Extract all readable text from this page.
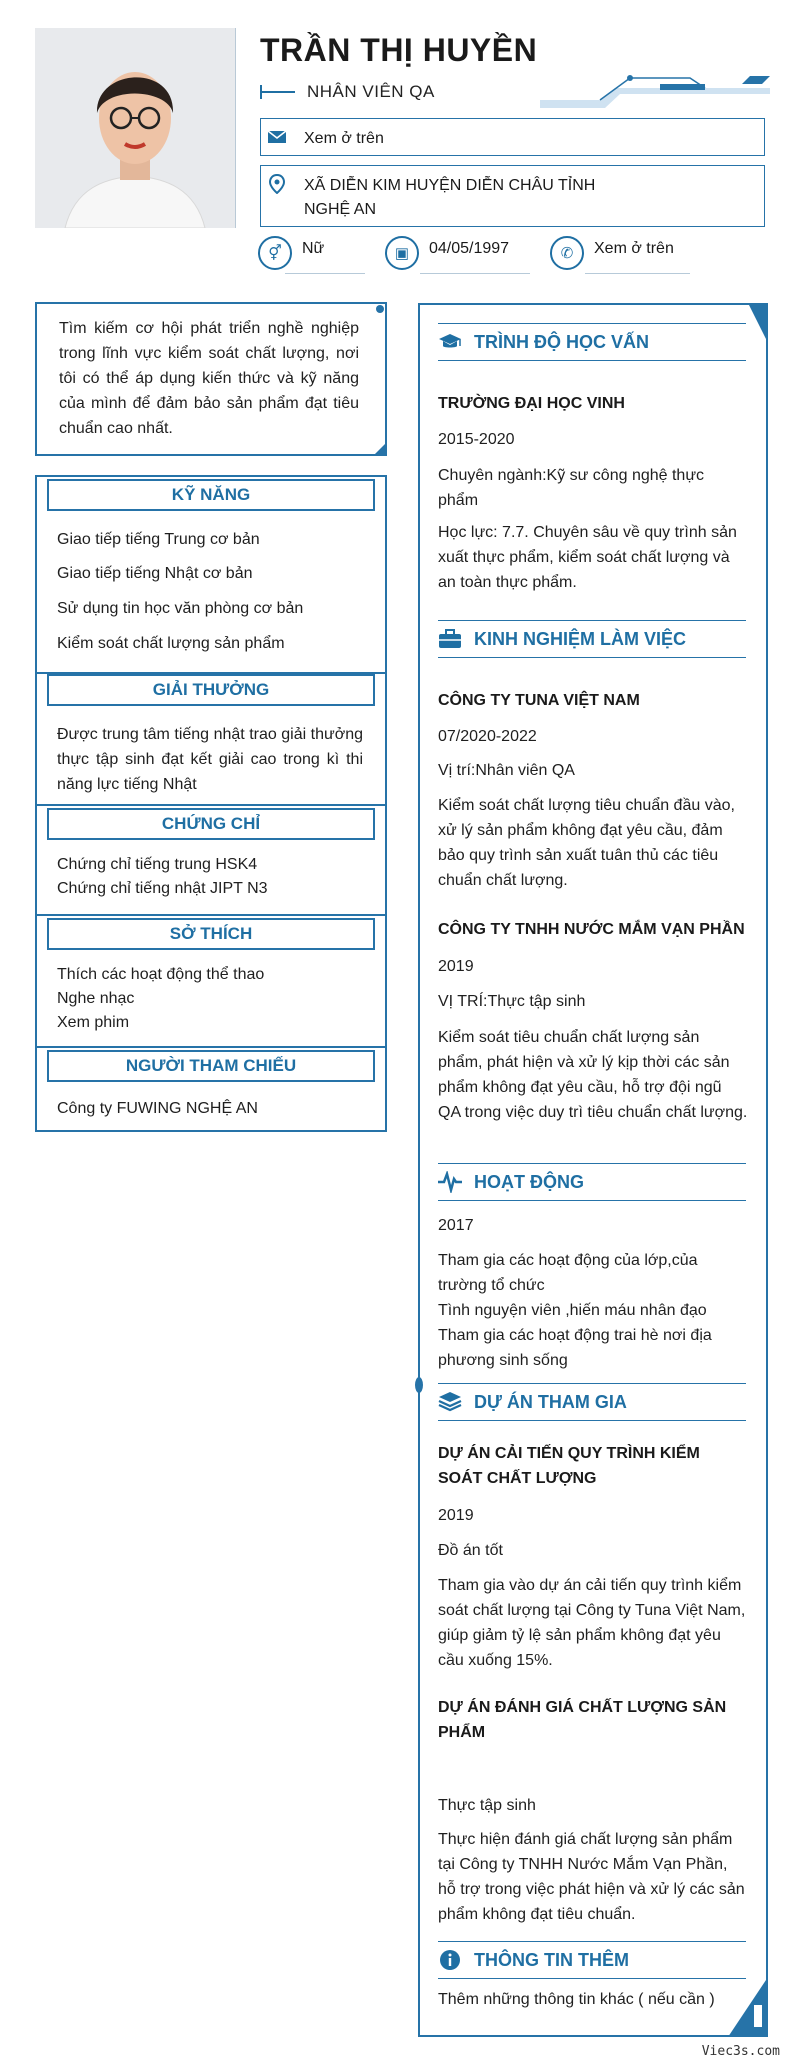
TRẦN THỊ HUYỀN
NHÂN VIÊN QA
Xem ở trên
XÃ DIỄN KIM HUYỆN DIỄN CHÂU TỈNH
NGHỆ AN
⚥	Nữ	▣	04/05/1997	✆	Xem ở trên

Tìm kiếm cơ hội phát triển nghề nghiệp trong lĩnh vực kiểm soát chất lượng, nơi tôi có thể áp dụng kiến thức và kỹ năng của mình để đảm bảo sản phẩm đạt tiêu chuẩn cao nhất.

KỸ NĂNG
Giao tiếp tiếng Trung cơ bản
Giao tiếp tiếng Nhật cơ bản
Sử dụng tin học văn phòng cơ bản
Kiểm soát chất lượng sản phẩm
GIẢI THƯỞNG
Được trung tâm tiếng nhật trao giải thưởng thực tập sinh đạt kết giải cao trong kì thi năng lực tiếng Nhật
CHỨNG CHỈ
Chứng chỉ tiếng trung HSK4
Chứng chỉ tiếng nhật JIPT N3
SỞ THÍCH
Thích các hoạt động thể thao
Nghe nhạc
Xem phim
NGƯỜI THAM CHIẾU
Công ty FUWING NGHỆ AN
TRÌNH ĐỘ HỌC VẤN
TRƯỜNG ĐẠI HỌC VINH
2015-2020
Chuyên ngành:Kỹ sư công nghệ thực phẩm
Học lực: 7.7. Chuyên sâu về quy trình sản xuất thực phẩm, kiểm soát chất lượng và an toàn thực phẩm.
KINH NGHIỆM LÀM VIỆC
CÔNG TY TUNA VIỆT NAM
07/2020-2022
Vị trí:Nhân viên QA
Kiểm soát chất lượng tiêu chuẩn đầu vào, xử lý sản phẩm không đạt yêu cầu, đảm bảo quy trình sản xuất tuân thủ các tiêu chuẩn chất lượng.
CÔNG TY TNHH NƯỚC MẮM VẠN PHẦN
2019
VỊ TRÍ:Thực tập sinh
Kiểm soát tiêu chuẩn chất lượng sản phẩm, phát hiện và xử lý kịp thời các sản phẩm không đạt yêu cầu, hỗ trợ đội ngũ QA trong việc duy trì tiêu chuẩn chất lượng.
HOẠT ĐỘNG
2017
Tham gia các hoạt động của lớp,của trường tổ chức
Tình nguyện viên ,hiến máu nhân đạo
Tham gia các hoạt động trai hè nơi địa phương sinh sống
DỰ ÁN THAM GIA
DỰ ÁN CẢI TIẾN QUY TRÌNH KIỂM SOÁT CHẤT LƯỢNG
2019
Đồ án tốt
Tham gia vào dự án cải tiến quy trình kiểm soát chất lượng tại Công ty Tuna Việt Nam, giúp giảm tỷ lệ sản phẩm không đạt yêu cầu xuống 15%.
DỰ ÁN ĐÁNH GIÁ CHẤT LƯỢNG SẢN PHẨM
Thực tập sinh
Thực hiện đánh giá chất lượng sản phẩm tại Công ty TNHH Nước Mắm Vạn Phần, hỗ trợ trong việc phát hiện và xử lý các sản phẩm không đạt tiêu chuẩn.
THÔNG TIN THÊM
Thêm những thông tin khác ( nếu cần )
Viec3s.com
